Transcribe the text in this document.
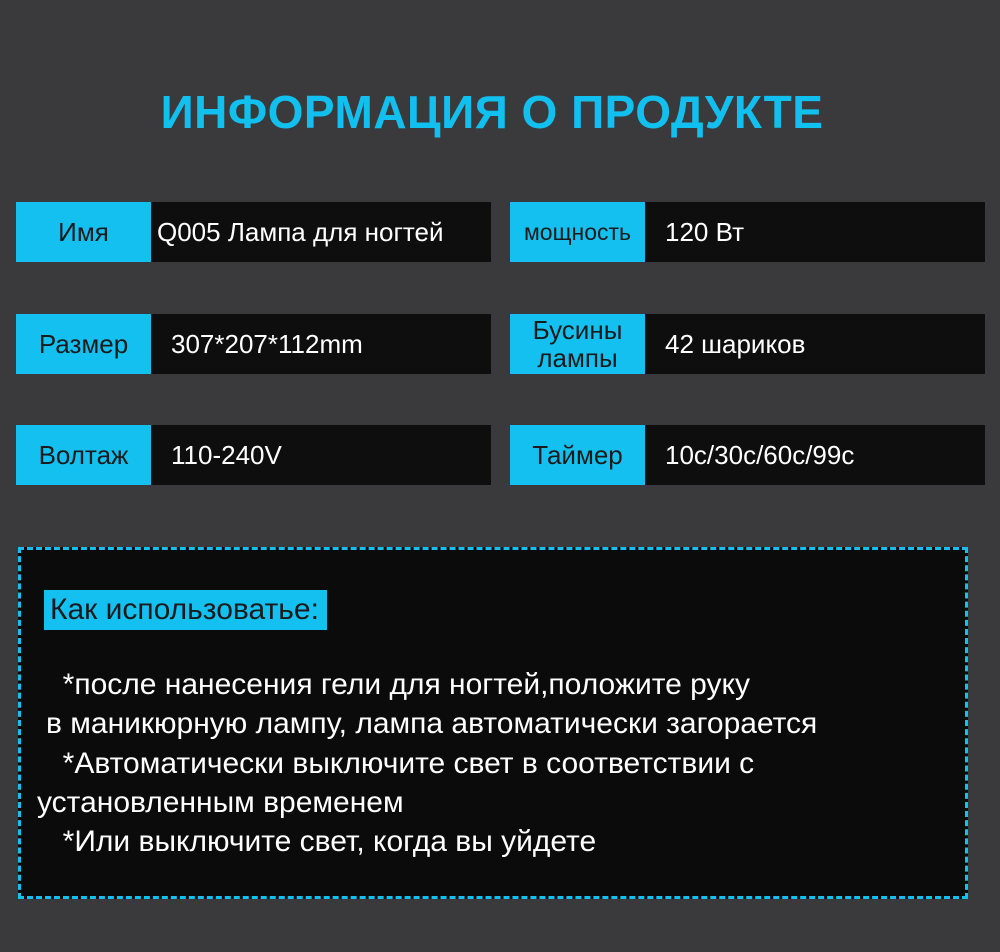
ИНФОРМАЦИЯ О ПРОДУКТЕ
Имя	Q005 Лампа для ногтей	мощность	120 Вт
Размер	307*207*112mm	Бусины лампы	42 шариков
Волтаж	110-240V	Таймер	10с/30с/60с/99с
Как использоватье:
*после нанесения гели для ногтей,положите руку
в маникюрную лампу, лампа автоматически загорается
*Автоматически выключите свет в соответствии с
установленным временем
*Или выключите свет, когда вы уйдете
